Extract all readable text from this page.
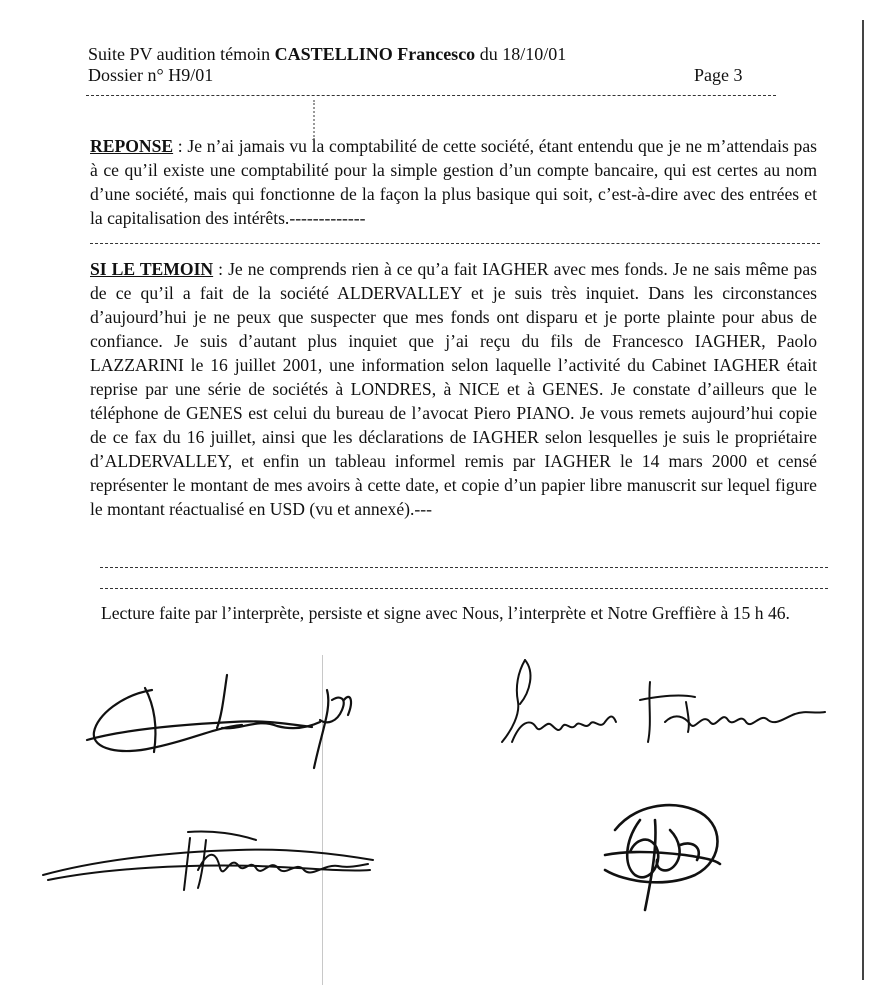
Suite PV audition témoin CASTELLINO Francesco du 18/10/01
Dossier n° H9/01	Page 3
REPONSE : Je n’ai jamais vu la comptabilité de cette société, étant entendu que je ne m’attendais pas à ce qu’il existe une comptabilité pour la simple gestion d’un compte bancaire, qui est certes au nom d’une société, mais qui fonctionne de la façon la plus basique qui soit, c’est-à-dire avec des entrées et la capitalisation des intérêts.-------------
SI LE TEMOIN : Je ne comprends rien à ce qu’a fait IAGHER avec mes fonds. Je ne sais même pas de ce qu’il a fait de la société ALDERVALLEY et je suis très inquiet. Dans les circonstances d’aujourd’hui je ne peux que suspecter que mes fonds ont disparu et je porte plainte pour abus de confiance. Je suis d’autant plus inquiet que j’ai reçu du fils de Francesco IAGHER, Paolo LAZZARINI le 16 juillet 2001, une information selon laquelle l’activité du Cabinet IAGHER était reprise par une série de sociétés à LONDRES, à NICE et à GENES. Je constate d’ailleurs que le téléphone de GENES est celui du bureau de l’avocat Piero PIANO. Je vous remets aujourd’hui copie de ce fax du 16 juillet, ainsi que les déclarations de IAGHER selon lesquelles je suis le propriétaire d’ALDERVALLEY, et enfin un tableau informel remis par IAGHER le 14 mars 2000 et censé représenter le montant de mes avoirs à cette date, et copie d’un papier libre manuscrit sur lequel figure le montant réactualisé en USD (vu et annexé).---
Lecture faite par l’interprète, persiste et signe avec Nous, l’interprète et Notre Greffière à 15 h 46.
